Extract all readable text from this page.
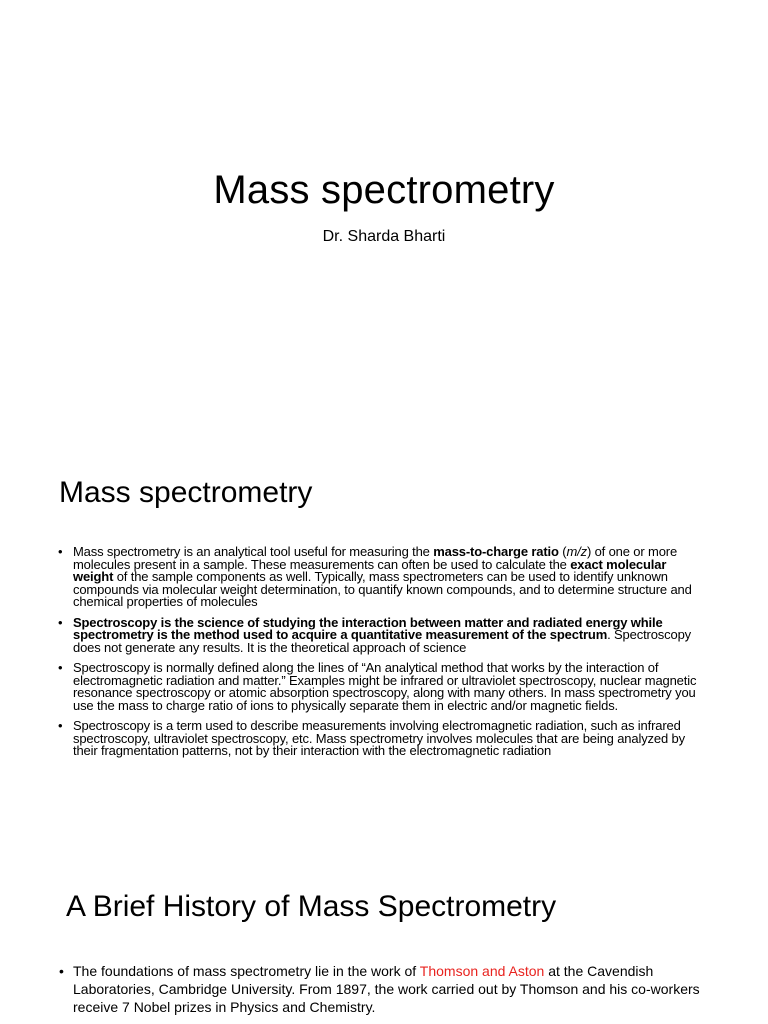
Mass spectrometry
Dr. Sharda Bharti
Mass spectrometry
• Mass spectrometry is an analytical tool useful for measuring the mass-to-charge ratio (m/z) of one or more molecules present in a sample. These measurements can often be used to calculate the exact molecular weight of the sample components as well. Typically, mass spectrometers can be used to identify unknown compounds via molecular weight determination, to quantify known compounds, and to determine structure and chemical properties of molecules
• Spectroscopy is the science of studying the interaction between matter and radiated energy while spectrometry is the method used to acquire a quantitative measurement of the spectrum. Spectroscopy does not generate any results. It is the theoretical approach of science
• Spectroscopy is normally defined along the lines of “An analytical method that works by the interaction of electromagnetic radiation and matter.” Examples might be infrared or ultraviolet spectroscopy, nuclear magnetic resonance spectroscopy or atomic absorption spectroscopy, along with many others. In mass spectrometry you use the mass to charge ratio of ions to physically separate them in electric and/or magnetic fields.
• Spectroscopy is a term used to describe measurements involving electromagnetic radiation, such as infrared spectroscopy, ultraviolet spectroscopy, etc. Mass spectrometry involves molecules that are being analyzed by their fragmentation patterns, not by their interaction with the electromagnetic radiation
A Brief History of Mass Spectrometry
• The foundations of mass spectrometry lie in the work of Thomson and Aston at the Cavendish Laboratories, Cambridge University. From 1897, the work carried out by Thomson and his co-workers receive 7 Nobel prizes in Physics and Chemistry.
